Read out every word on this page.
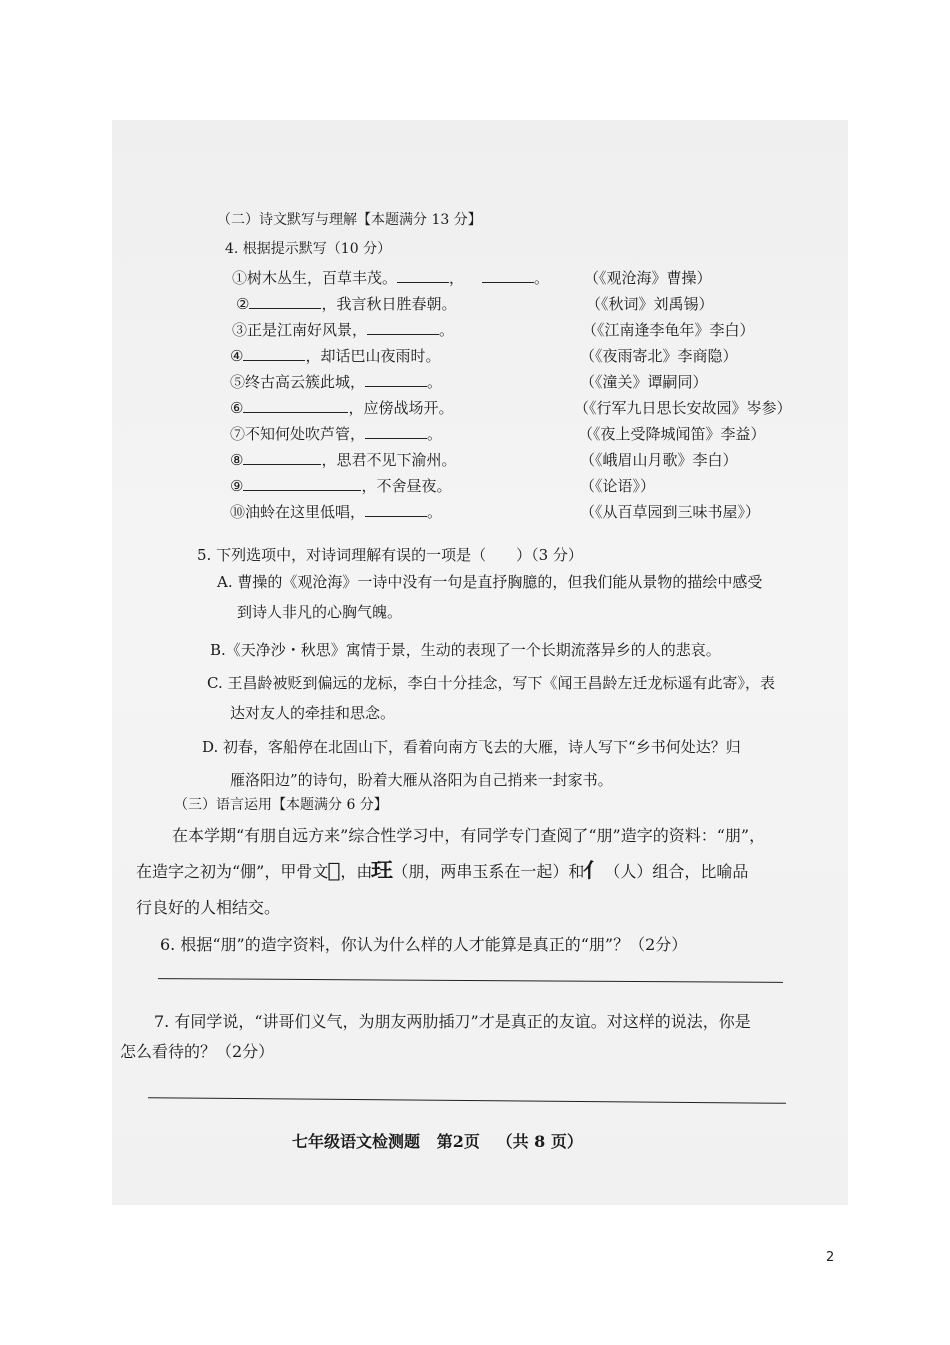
（二）诗文默写与理解【本题满分 13 分】
4. 根据提示默写（10 分）
①树木丛生，百草丰茂。	，	。 （《观沧海》曹操）
②	，我言秋日胜春朝。	（《秋词》刘禹锡）
③正是江南好风景，	。	（《江南逢李龟年》李白）
④	，却话巴山夜雨时。	（《夜雨寄北》李商隐）
⑤终古高云簇此城，	。	（《潼关》谭嗣同）
⑥	，应傍战场开。	（《行军九日思长安故园》岑参）
⑦不知何处吹芦管，	。	（《夜上受降城闻笛》李益）
⑧	，思君不见下渝州。	（《峨眉山月歌》李白）
⑨	，不舍昼夜。	（《论语》）
⑩油蛉在这里低唱，	。	（《从百草园到三味书屋》）
5. 下列选项中，对诗词理解有误的一项是（　　）（3 分）
A. 曹操的《观沧海》一诗中没有一句是直抒胸臆的，但我们能从景物的描绘中感受
到诗人非凡的心胸气魄。
B.《天净沙・秋思》寓情于景，生动的表现了一个长期流落异乡的人的悲哀。
C. 王昌龄被贬到偏远的龙标，李白十分挂念，写下《闻王昌龄左迁龙标遥有此寄》，表
达对友人的牵挂和思念。
D. 初春，客船停在北固山下，看着向南方飞去的大雁，诗人写下“乡书何处达？归
雁洛阳边”的诗句，盼着大雁从洛阳为自己捎来一封家书。
（三）语言运用【本题满分 6 分】
在本学期“有朋自远方来”综合性学习中，有同学专门查阅了“朋”造字的资料：“朋”，
在造字之初为“倗”，甲骨文𠦁，由玨（朋，两串玉系在一起）和亻（人）组合，比喻品
行良好的人相结交。
6. 根据“朋”的造字资料，你认为什么样的人才能算是真正的“朋”？（2分）
7. 有同学说，“讲哥们义气，为朋友两肋插刀”才是真正的友谊。对这样的说法，你是
怎么看待的？（2分）
七年级语文检测题 第2页 （共 8 页）
2
